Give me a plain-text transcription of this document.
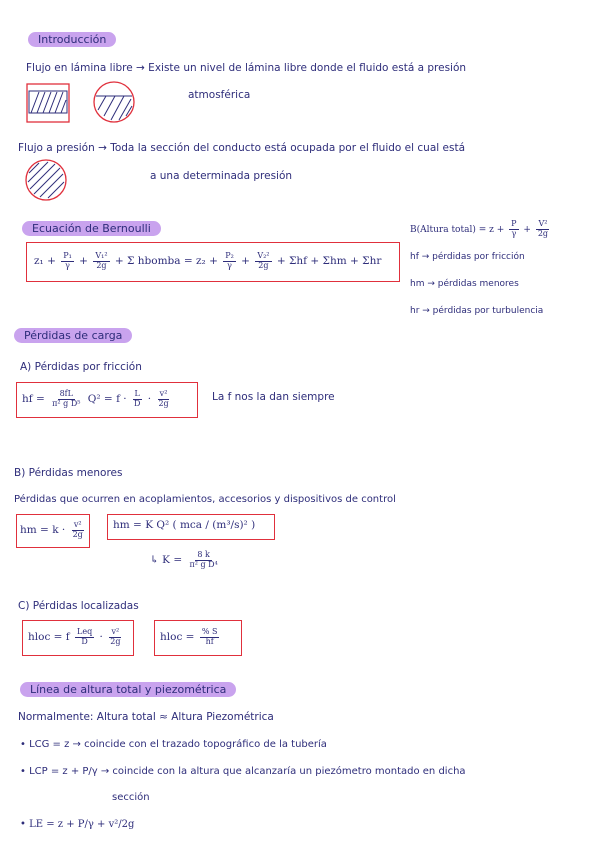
Introducción
Flujo en lámina libre → Existe un nivel de lámina libre donde el fluido está a presión
atmosférica
Flujo a presión → Toda la sección del conducto está ocupada por el fluido el cual está
a una determinada presión
Ecuación de Bernoulli
$z_1 + \frac{\text{P₁}}{\gamma} + \frac{\text{V₁²}}{2g} + \Sigma$ hbomba = $z_2 + \frac{\text{P₂}}{\gamma} + \frac{\text{V₂²}}{2g} + \Sigma hf + \Sigma hm + \Sigma hr$
B(Altura total) = $z + \frac{P}{\gamma} + \frac{\text{V²}}{2g}$
hf → pérdidas por fricción
hm → pérdidas menores
hr → pérdidas por turbulencia
Pérdidas de carga
A) Pérdidas por fricción
hf = $\frac{8fL}{\text{π² g D⁵}} Q^2 = f \cdot \frac{L}{D} \cdot \frac{\text{v²}}{2g}$	La f nos la dan siempre
B) Pérdidas menores
Pérdidas que ocurren en acoplamientos, accesorios y dispositivos de control
hm = $k \cdot \frac{\text{v²}}{2g}$	hm = K Q² ( mca / (m³/s)² )
↳ $K = \frac{8 k}{\text{π² g D⁴}}$
C) Pérdidas localizadas
hloc = f $\frac{\text{Leq}}{D} \cdot \frac{\text{v²}}{2g}$	hloc = $\frac{\% S}{hf}$
Línea de altura total y piezométrica
Normalmente: Altura total ≈ Altura Piezométrica
• LCG = z → coincide con el trazado topográfico de la tubería
• LCP = z + P/γ → coincide con la altura que alcanzaría un piezómetro montado en dicha
sección
• LE = z + P/γ + v²/2g
